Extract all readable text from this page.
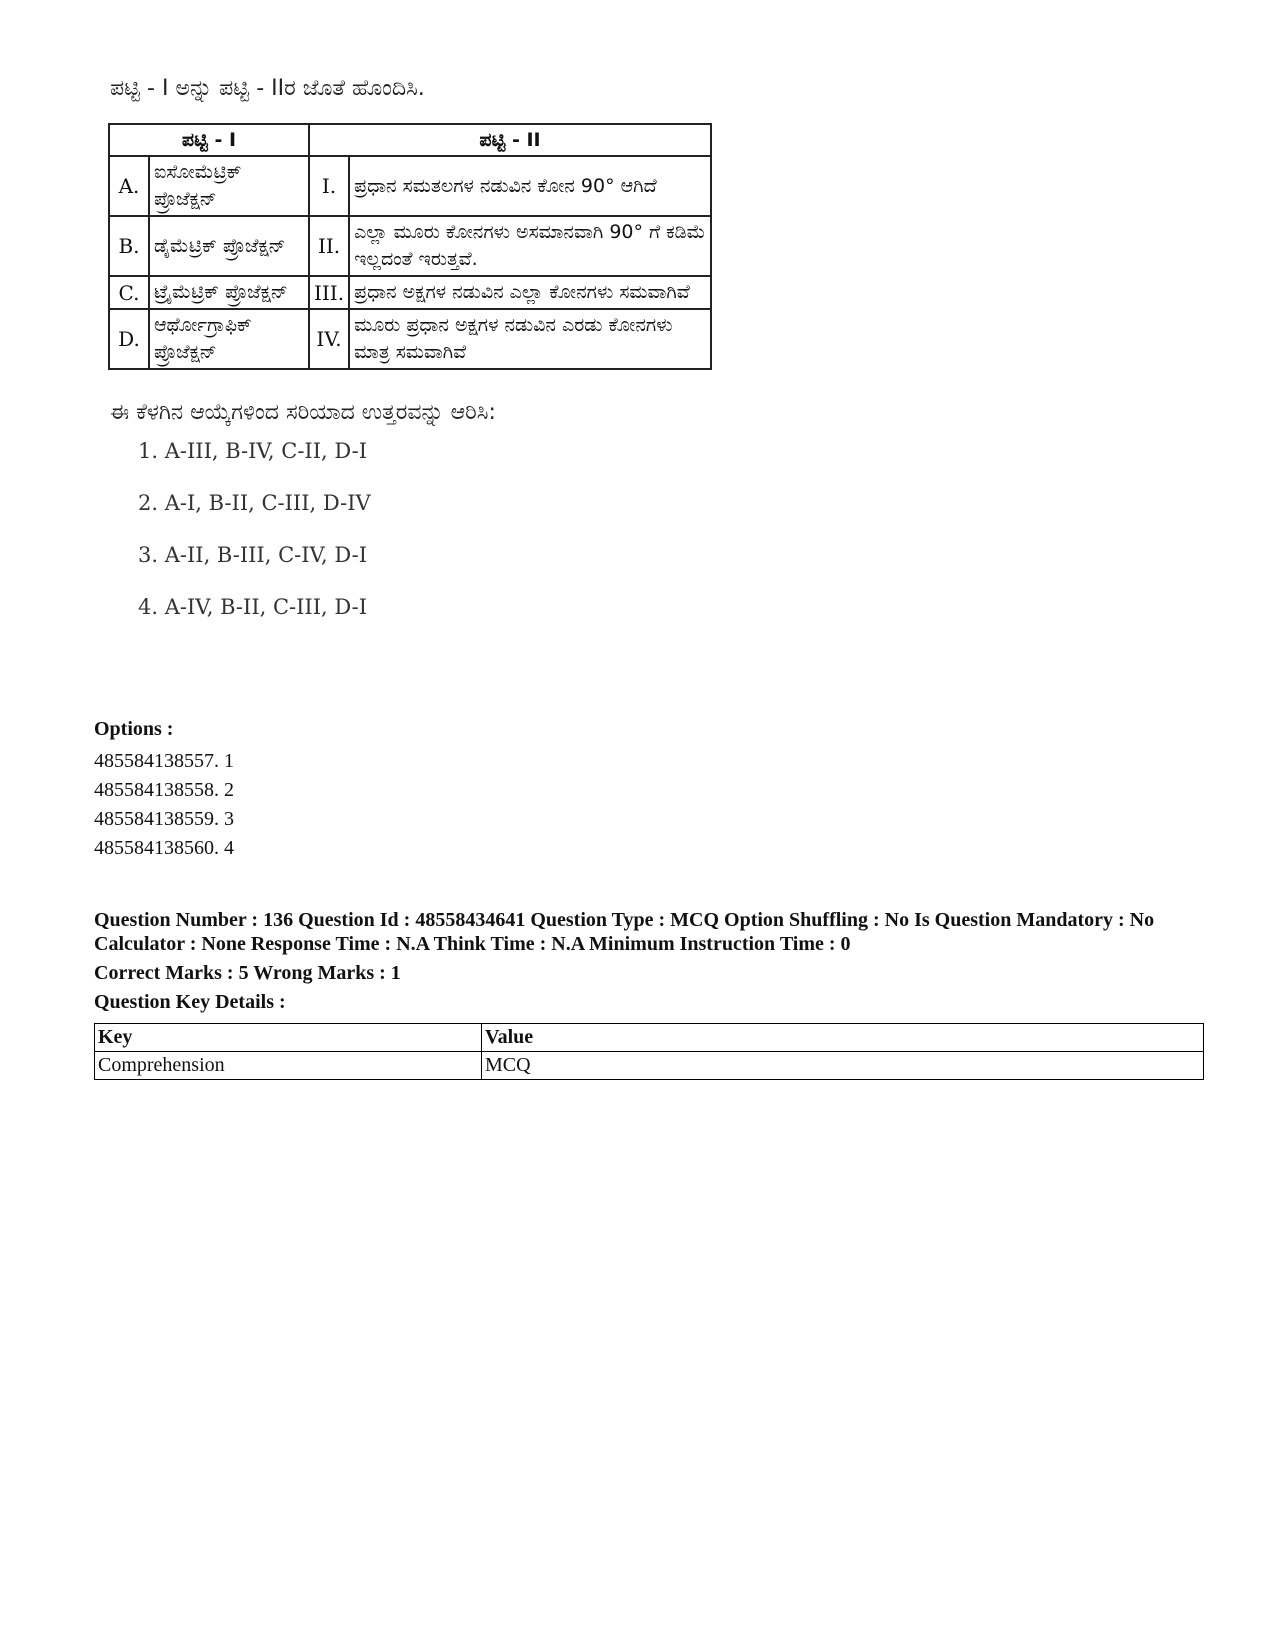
ಪಟ್ಟಿ - I ಅನ್ನು ಪಟ್ಟಿ - IIರ ಜೊತೆ ಹೊಂದಿಸಿ.
ಪಟ್ಟಿ - I		ಪಟ್ಟಿ - II	
A.	ಐಸೋಮೆಟ್ರಿಕ್ ಪ್ರೊಜೆಕ್ಷನ್	I.	ಪ್ರಧಾನ ಸಮತಲಗಳ ನಡುವಿನ ಕೋನ 90° ಆಗಿದೆ
B.	ಡೈಮೆಟ್ರಿಕ್ ಪ್ರೊಜೆಕ್ಷನ್	II.	ಎಲ್ಲಾ ಮೂರು ಕೋನಗಳು ಅಸಮಾನವಾಗಿ 90° ಗೆ ಕಡಿಮೆ ಇಲ್ಲದಂತೆ ಇರುತ್ತವೆ.
C.	ಟ್ರೈಮೆಟ್ರಿಕ್ ಪ್ರೊಜೆಕ್ಷನ್	III.	ಪ್ರಧಾನ ಅಕ್ಷಗಳ ನಡುವಿನ ಎಲ್ಲಾ ಕೋನಗಳು ಸಮವಾಗಿವೆ
D.	ಆರ್ಥೋಗ್ರಾಫಿಕ್ ಪ್ರೊಜೆಕ್ಷನ್	IV.	ಮೂರು ಪ್ರಧಾನ ಅಕ್ಷಗಳ ನಡುವಿನ ಎರಡು ಕೋನಗಳು ಮಾತ್ರ ಸಮವಾಗಿವೆ
ಈ ಕೆಳಗಿನ ಆಯ್ಕೆಗಳಿಂದ ಸರಿಯಾದ ಉತ್ತರವನ್ನು ಆರಿಸಿ:
1. A-III, B-IV, C-II, D-I
2. A-I, B-II, C-III, D-IV
3. A-II, B-III, C-IV, D-I
4. A-IV, B-II, C-III, D-I
Options :
485584138557. 1
485584138558. 2
485584138559. 3
485584138560. 4
Question Number : 136 Question Id : 48558434641 Question Type : MCQ Option Shuffling : No Is Question Mandatory : No Calculator : None Response Time : N.A Think Time : N.A Minimum Instruction Time : 0
Correct Marks : 5 Wrong Marks : 1
Question Key Details :
Key	Value
Comprehension	MCQ
